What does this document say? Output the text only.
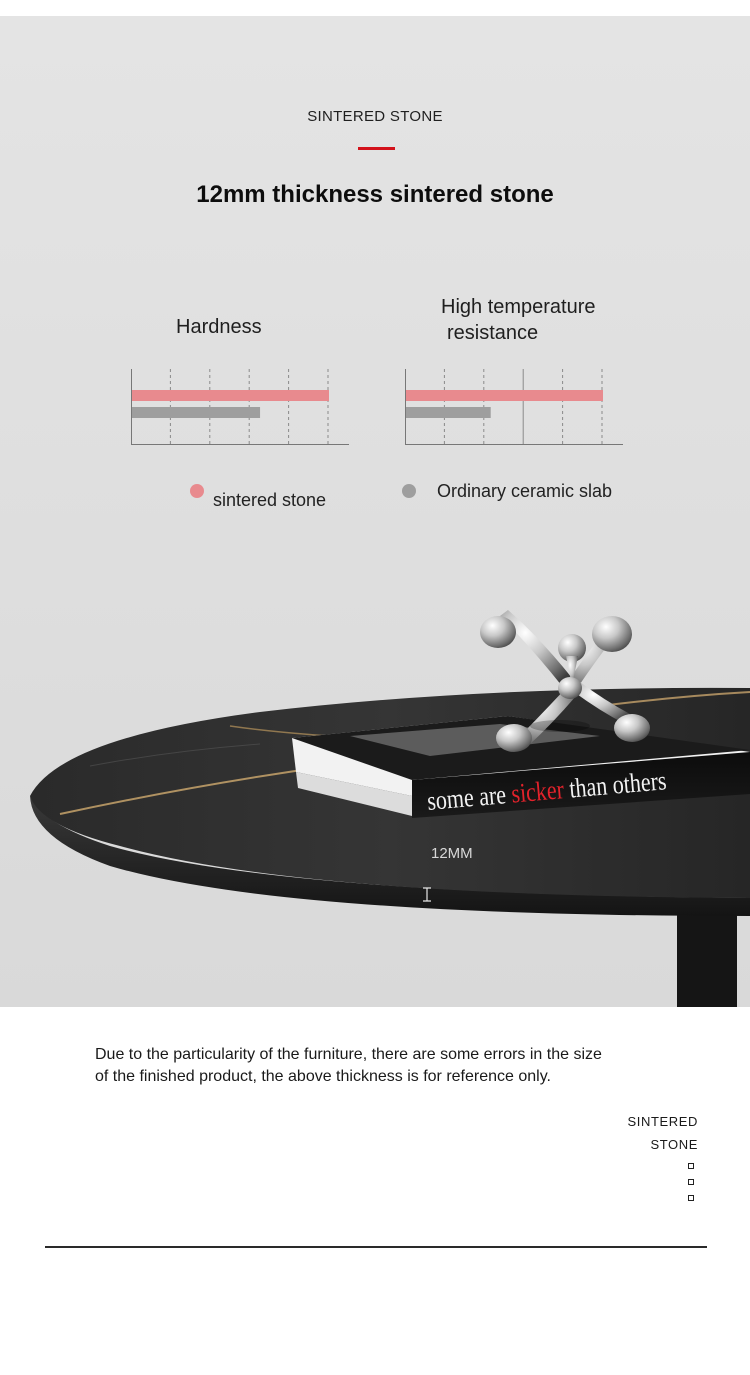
SINTERED STONE
12mm thickness sintered stone
Hardness
High temperature
resistance
sintered stone	Ordinary ceramic slab
some are sicker than others
12MM
Due to the particularity of the furniture, there are some errors in the size
of the finished product, the above thickness is for reference only.
SINTERED
STONE
